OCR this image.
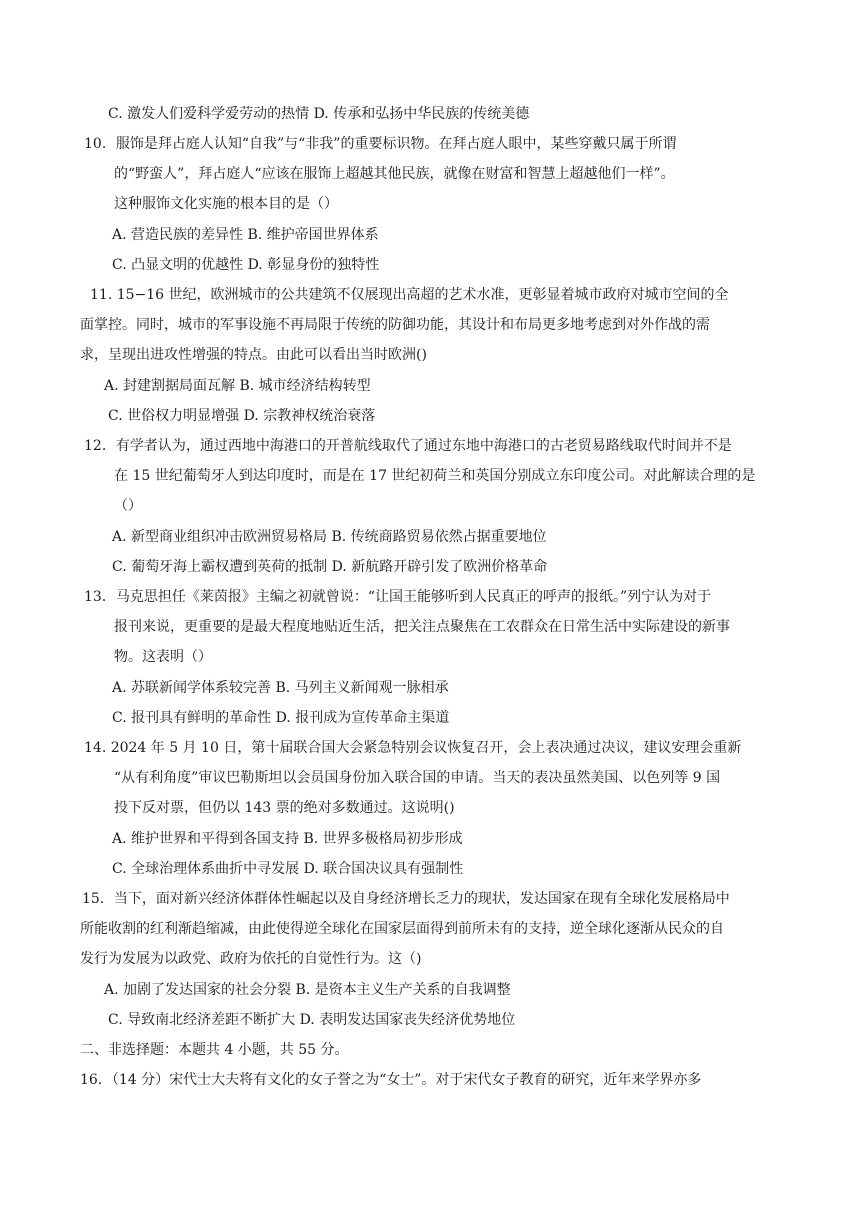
C. 激发人们爱科学爱劳动的热情 D. 传承和弘扬中华民族的传统美德
10．服饰是拜占庭人认知“自我”与“非我”的重要标识物。在拜占庭人眼中，某些穿戴只属于所谓
的“野蛮人”，拜占庭人“应该在服饰上超越其他民族，就像在财富和智慧上超越他们一样”。
这种服饰文化实施的根本目的是（）
A. 营造民族的差异性 B. 维护帝国世界体系
C. 凸显文明的优越性 D. 彰显身份的独特性
11. 15−16 世纪，欧洲城市的公共建筑不仅展现出高超的艺术水准，更彰显着城市政府对城市空间的全
面掌控。同时，城市的军事设施不再局限于传统的防御功能，其设计和布局更多地考虑到对外作战的需
求，呈现出进攻性增强的特点。由此可以看出当时欧洲()
A. 封建割据局面瓦解 B. 城市经济结构转型
C. 世俗权力明显增强 D. 宗教神权统治衰落
12．有学者认为，通过西地中海港口的开普航线取代了通过东地中海港口的古老贸易路线取代时间并不是
在 15 世纪葡萄牙人到达印度时，而是在 17 世纪初荷兰和英国分别成立东印度公司。对此解读合理的是
（）
A. 新型商业组织冲击欧洲贸易格局 B. 传统商路贸易依然占据重要地位
C. 葡萄牙海上霸权遭到英荷的抵制 D. 新航路开辟引发了欧洲价格革命
13．马克思担任《莱茵报》主编之初就曾说：“让国王能够听到人民真正的呼声的报纸。”列宁认为对于
报刊来说，更重要的是最大程度地贴近生活，把关注点聚焦在工农群众在日常生活中实际建设的新事
物。这表明（）
A. 苏联新闻学体系较完善 B. 马列主义新闻观一脉相承
C. 报刊具有鲜明的革命性 D. 报刊成为宣传革命主渠道
14. 2024 年 5 月 10 日，第十届联合国大会紧急特别会议恢复召开，会上表决通过决议，建议安理会重新
“从有利角度”审议巴勒斯坦以会员国身份加入联合国的申请。当天的表决虽然美国、以色列等 9 国
投下反对票，但仍以 143 票的绝对多数通过。这说明()
A. 维护世界和平得到各国支持 B. 世界多极格局初步形成
C. 全球治理体系曲折中寻发展 D. 联合国决议具有强制性
15．当下，面对新兴经济体群体性崛起以及自身经济增长乏力的现状，发达国家在现有全球化发展格局中
所能收割的红利渐趋缩减，由此使得逆全球化在国家层面得到前所未有的支持，逆全球化逐渐从民众的自
发行为发展为以政党、政府为依托的自觉性行为。这（)
A. 加剧了发达国家的社会分裂 B. 是资本主义生产关系的自我调整
C. 导致南北经济差距不断扩大 D. 表明发达国家丧失经济优势地位
二、非选择题：本题共 4 小题，共 55 分。
16．（14 分）宋代士大夫将有文化的女子誉之为“女士”。对于宋代女子教育的研究，近年来学界亦多
